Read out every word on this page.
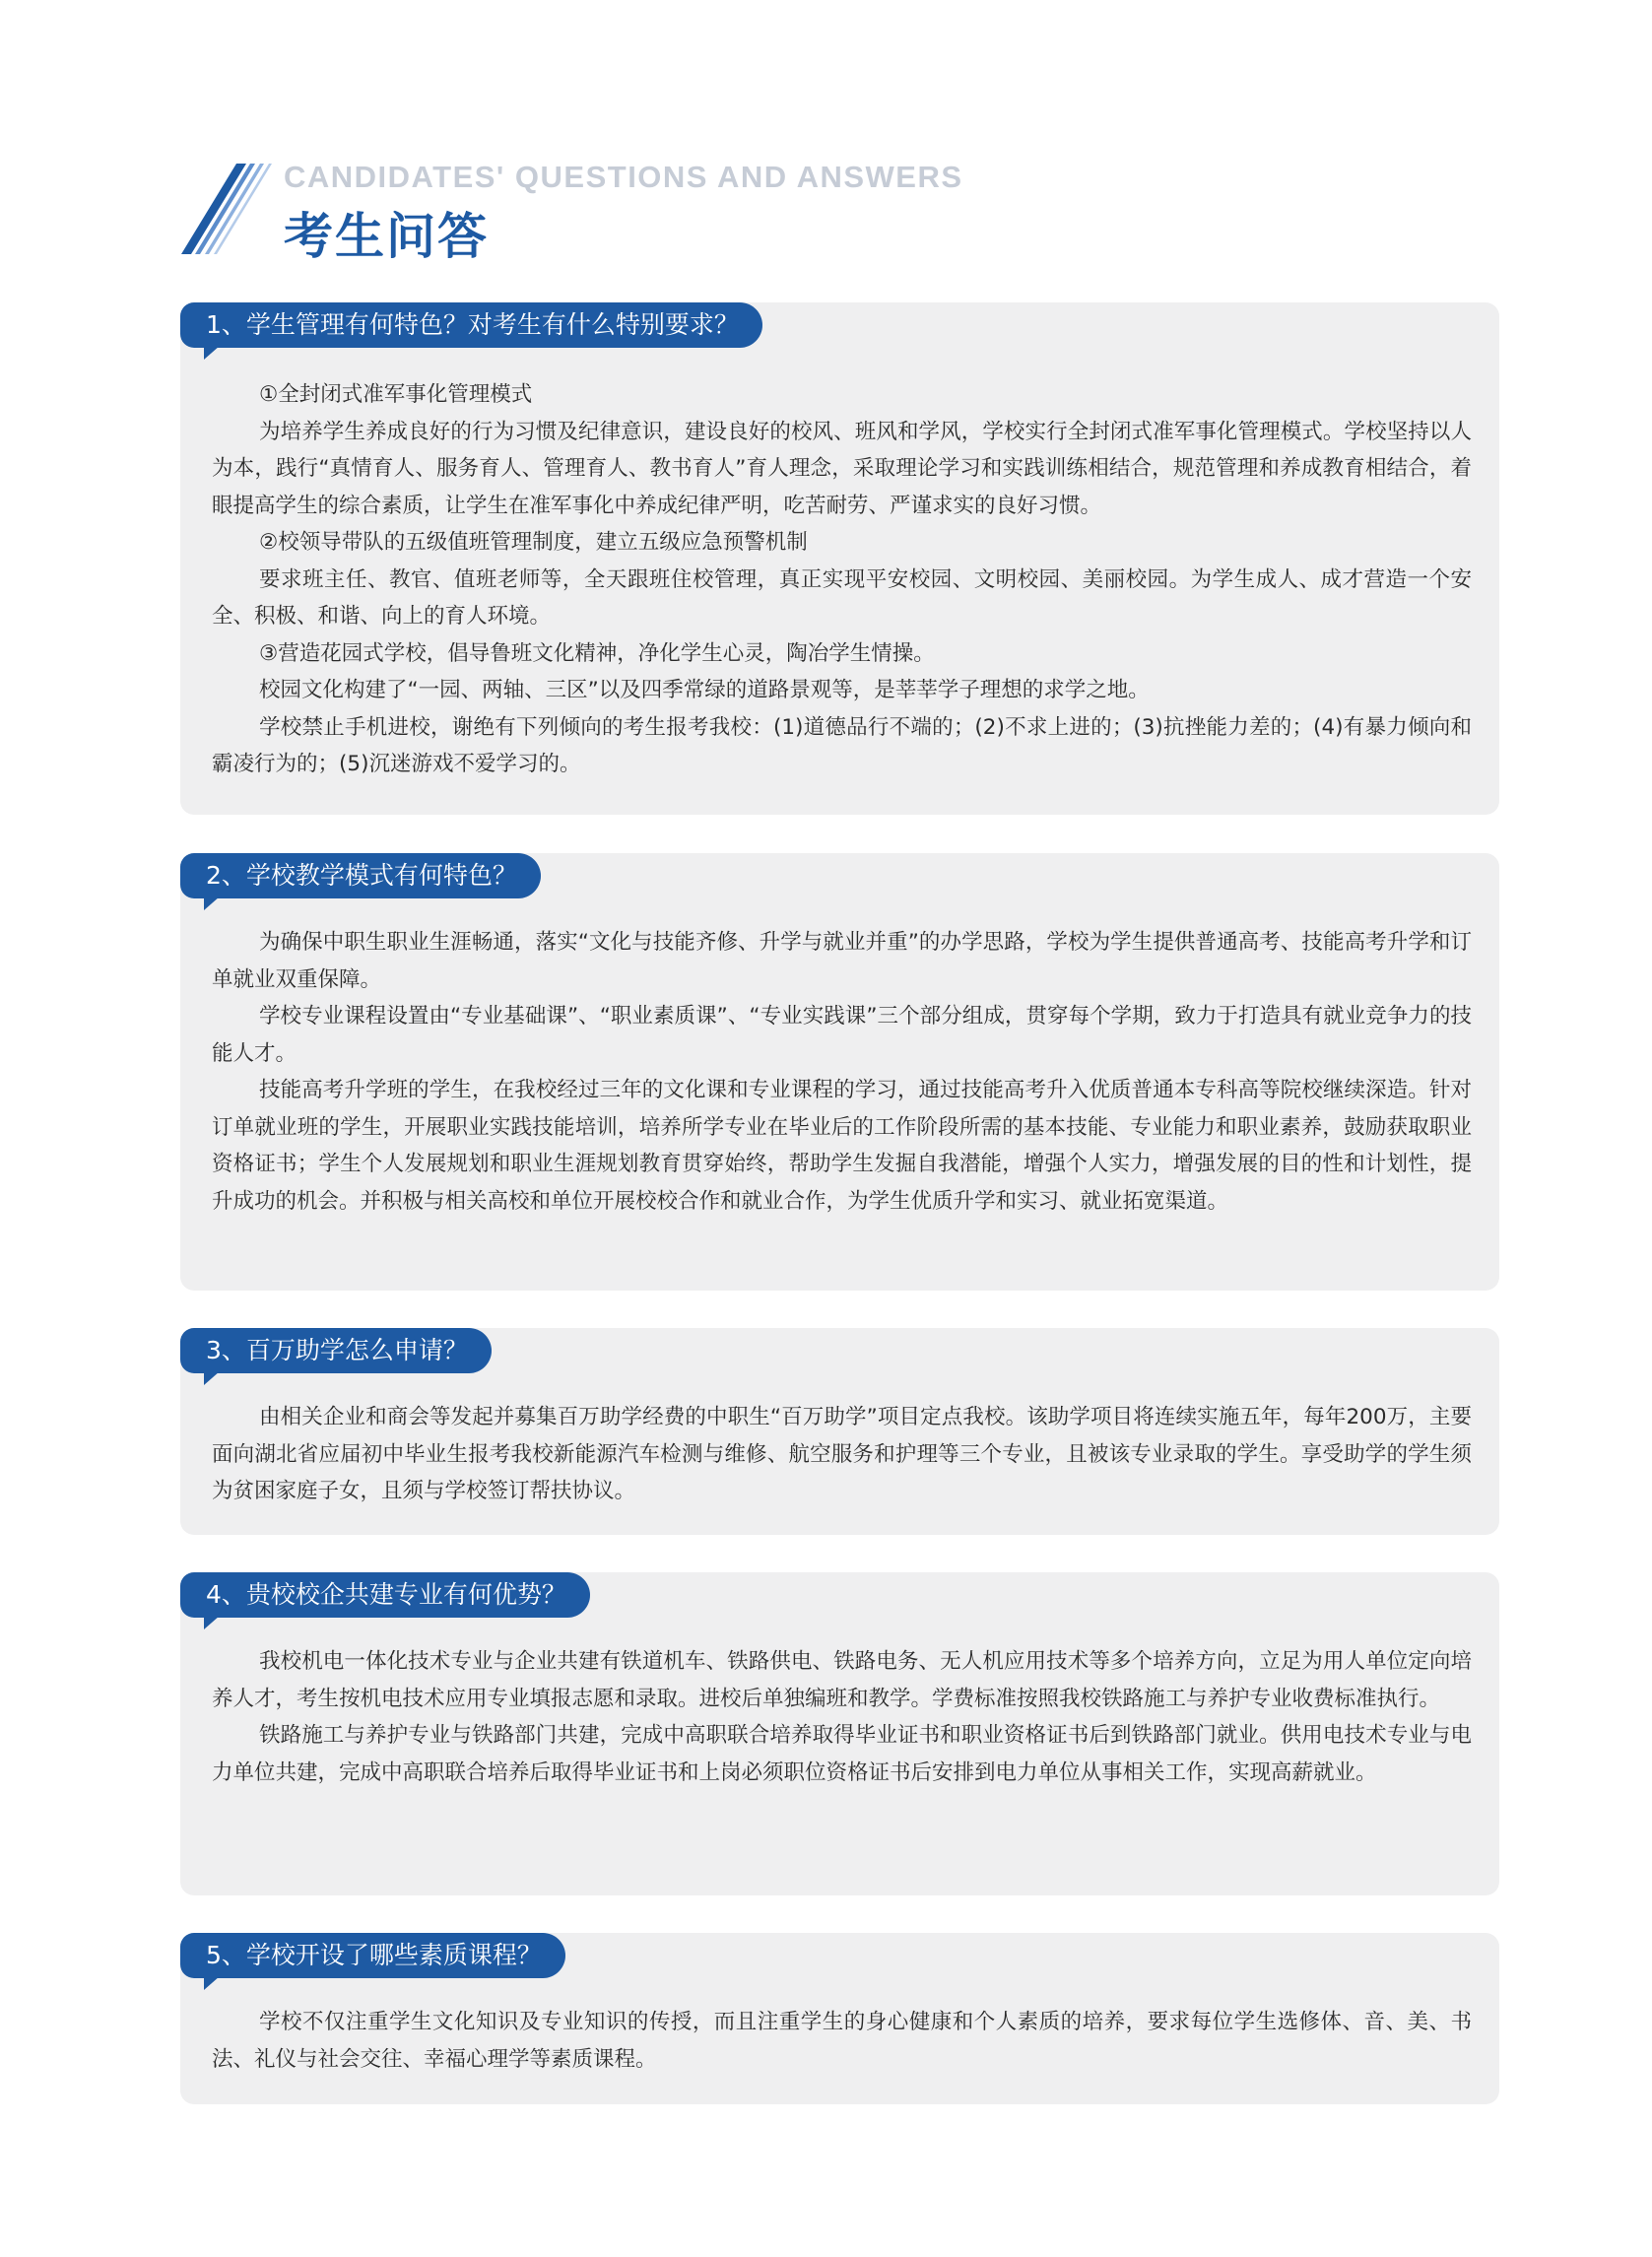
CANDIDATES' QUESTIONS AND ANSWERS
考生问答
1、学生管理有何特色？对考生有什么特别要求？

①全封闭式准军事化管理模式

为培养学生养成良好的行为习惯及纪律意识，建设良好的校风、班风和学风，学校实行全封闭式准军事化管理模式。学校坚持以人为本，践行“真情育人、服务育人、管理育人、教书育人”育人理念，采取理论学习和实践训练相结合，规范管理和养成教育相结合，着眼提高学生的综合素质，让学生在准军事化中养成纪律严明，吃苦耐劳、严谨求实的良好习惯。

②校领导带队的五级值班管理制度，建立五级应急预警机制

要求班主任、教官、值班老师等，全天跟班住校管理，真正实现平安校园、文明校园、美丽校园。为学生成人、成才营造一个安全、积极、和谐、向上的育人环境。

③营造花园式学校，倡导鲁班文化精神，净化学生心灵，陶冶学生情操。

校园文化构建了“一园、两轴、三区”以及四季常绿的道路景观等，是莘莘学子理想的求学之地。

学校禁止手机进校，谢绝有下列倾向的考生报考我校：(1)道德品行不端的；(2)不求上进的；(3)抗挫能力差的；(4)有暴力倾向和霸凌行为的；(5)沉迷游戏不爱学习的。

2、学校教学模式有何特色？

为确保中职生职业生涯畅通，落实“文化与技能齐修、升学与就业并重”的办学思路，学校为学生提供普通高考、技能高考升学和订单就业双重保障。

学校专业课程设置由“专业基础课”、“职业素质课”、“专业实践课”三个部分组成，贯穿每个学期，致力于打造具有就业竞争力的技能人才。

技能高考升学班的学生，在我校经过三年的文化课和专业课程的学习，通过技能高考升入优质普通本专科高等院校继续深造。针对订单就业班的学生，开展职业实践技能培训，培养所学专业在毕业后的工作阶段所需的基本技能、专业能力和职业素养，鼓励获取职业资格证书；学生个人发展规划和职业生涯规划教育贯穿始终，帮助学生发掘自我潜能，增强个人实力，增强发展的目的性和计划性，提升成功的机会。并积极与相关高校和单位开展校校合作和就业合作，为学生优质升学和实习、就业拓宽渠道。

3、百万助学怎么申请？

由相关企业和商会等发起并募集百万助学经费的中职生“百万助学”项目定点我校。该助学项目将连续实施五年，每年200万，主要面向湖北省应届初中毕业生报考我校新能源汽车检测与维修、航空服务和护理等三个专业，且被该专业录取的学生。享受助学的学生须为贫困家庭子女，且须与学校签订帮扶协议。

4、贵校校企共建专业有何优势？

我校机电一体化技术专业与企业共建有铁道机车、铁路供电、铁路电务、无人机应用技术等多个培养方向，立足为用人单位定向培养人才，考生按机电技术应用专业填报志愿和录取。进校后单独编班和教学。学费标准按照我校铁路施工与养护专业收费标准执行。

铁路施工与养护专业与铁路部门共建，完成中高职联合培养取得毕业证书和职业资格证书后到铁路部门就业。供用电技术专业与电力单位共建，完成中高职联合培养后取得毕业证书和上岗必须职位资格证书后安排到电力单位从事相关工作，实现高薪就业。

5、学校开设了哪些素质课程？

学校不仅注重学生文化知识及专业知识的传授，而且注重学生的身心健康和个人素质的培养，要求每位学生选修体、音、美、书法、礼仪与社会交往、幸福心理学等素质课程。
